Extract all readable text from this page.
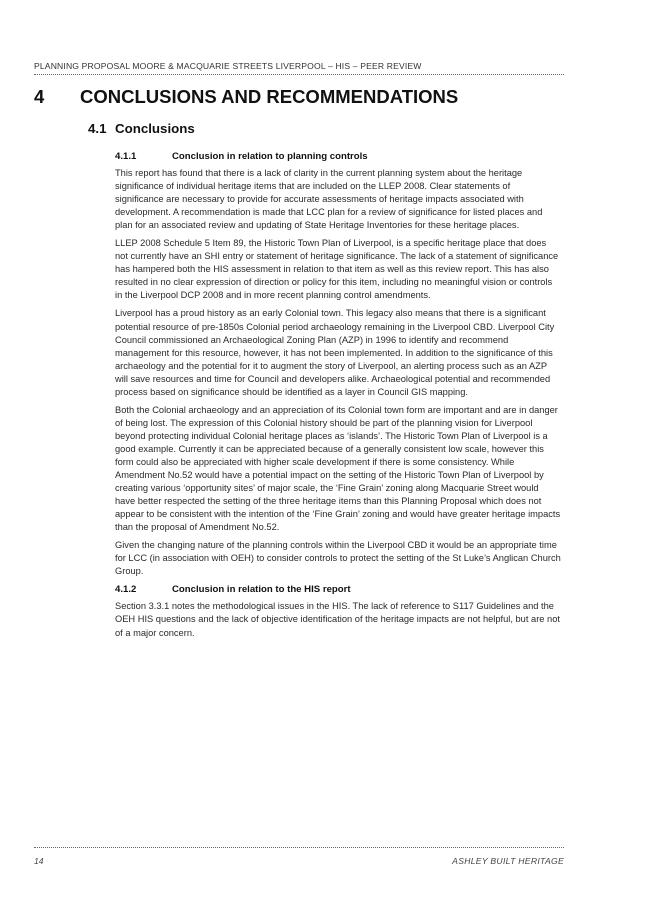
PLANNING PROPOSAL MOORE & MACQUARIE STREETS LIVERPOOL – HIS – PEER REVIEW
4 CONCLUSIONS AND RECOMMENDATIONS
4.1 Conclusions
4.1.1	Conclusion in relation to planning controls

This report has found that there is a lack of clarity in the current planning system about the heritage significance of individual heritage items that are included on the LLEP 2008. Clear statements of significance are necessary to provide for accurate assessments of heritage impacts associated with development. A recommendation is made that LCC plan for a review of significance for listed places and plan for an associated review and updating of State Heritage Inventories for these heritage places.

LLEP 2008 Schedule 5 Item 89, the Historic Town Plan of Liverpool, is a specific heritage place that does not currently have an SHI entry or statement of heritage significance. The lack of a statement of significance has hampered both the HIS assessment in relation to that item as well as this review report. This has also resulted in no clear expression of direction or policy for this item, including no meaningful vision or controls in the Liverpool DCP 2008 and in more recent planning control amendments.

Liverpool has a proud history as an early Colonial town. This legacy also means that there is a significant potential resource of pre-1850s Colonial period archaeology remaining in the Liverpool CBD. Liverpool City Council commissioned an Archaeological Zoning Plan (AZP) in 1996 to identify and recommend management for this resource, however, it has not been implemented. In addition to the significance of this archaeology and the potential for it to augment the story of Liverpool, an alerting process such as an AZP will save resources and time for Council and developers alike. Archaeological potential and recommended process based on significance should be identified as a layer in Council GIS mapping.

Both the Colonial archaeology and an appreciation of its Colonial town form are important and are in danger of being lost. The expression of this Colonial history should be part of the planning vision for Liverpool beyond protecting individual Colonial heritage places as ‘islands’. The Historic Town Plan of Liverpool is a good example. Currently it can be appreciated because of a generally consistent low scale, however this form could also be appreciated with higher scale development if there is some consistency. While Amendment No.52 would have a potential impact on the setting of the Historic Town Plan of Liverpool by creating various ‘opportunity sites’ of major scale, the ‘Fine Grain’ zoning along Macquarie Street would have better respected the setting of the three heritage items than this Planning Proposal which does not appear to be consistent with the intention of the ‘Fine Grain’ zoning and would have greater heritage impacts than the proposal of Amendment No.52.

Given the changing nature of the planning controls within the Liverpool CBD it would be an appropriate time for LCC (in association with OEH) to consider controls to protect the setting of the St Luke’s Anglican Church Group.

4.1.2	Conclusion in relation to the HIS report

Section 3.3.1 notes the methodological issues in the HIS. The lack of reference to S117 Guidelines and the OEH HIS questions and the lack of objective identification of the heritage impacts are not helpful, but are not of a major concern.

14	ASHLEY BUILT HERITAGE
